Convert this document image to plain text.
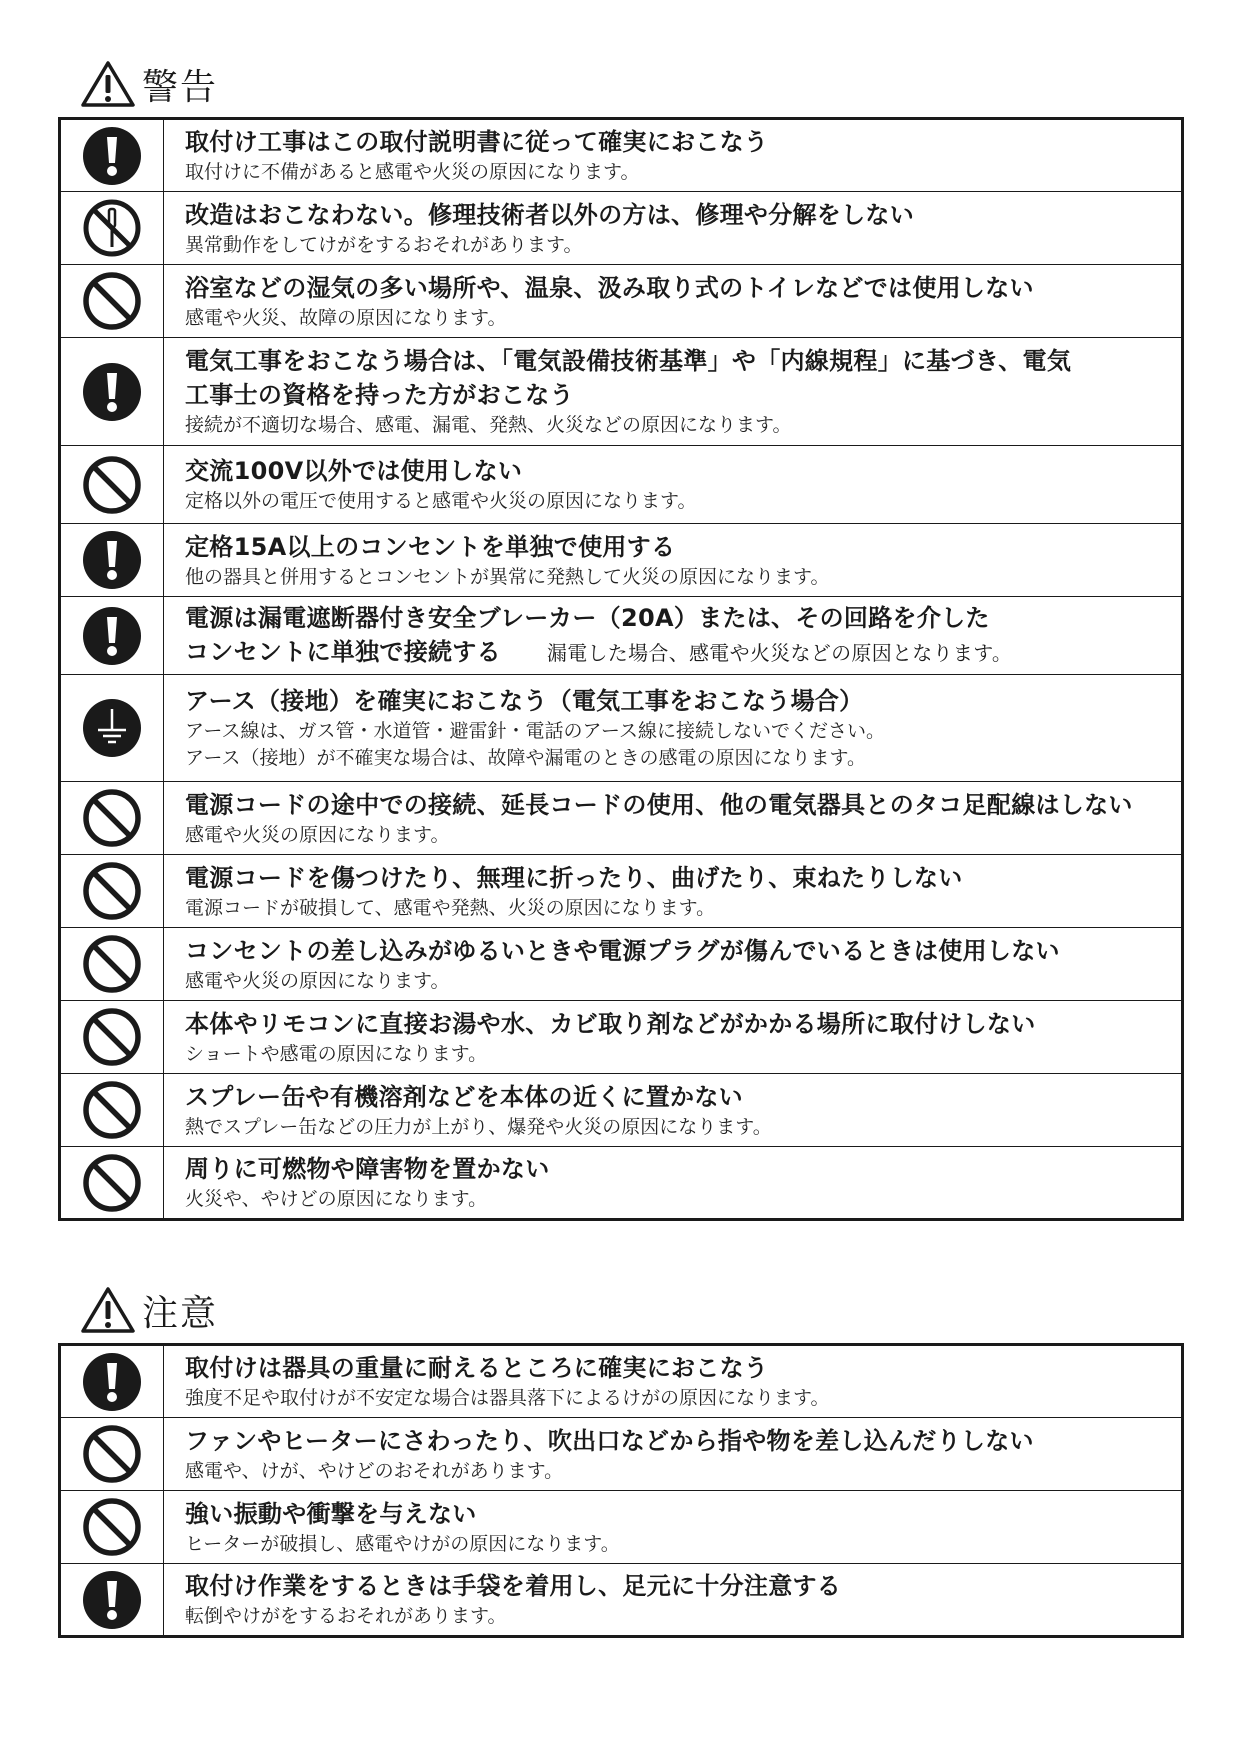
警告

取付け工事はこの取付説明書に従って確実におこなう
取付けに不備があると感電や火災の原因になります。

改造はおこなわない。修理技術者以外の方は、修理や分解をしない
異常動作をしてけがをするおそれがあります。

浴室などの湿気の多い場所や、温泉、汲み取り式のトイレなどでは使用しない
感電や火災、故障の原因になります。

電気工事をおこなう場合は、「電気設備技術基準」や「内線規程」に基づき、電気
工事士の資格を持った方がおこなう
接続が不適切な場合、感電、漏電、発熱、火災などの原因になります。

交流100V以外では使用しない
定格以外の電圧で使用すると感電や火災の原因になります。

定格15A以上のコンセントを単独で使用する
他の器具と併用するとコンセントが異常に発熱して火災の原因になります。

電源は漏電遮断器付き安全ブレーカー（20A）または、その回路を介した
コンセントに単独で接続する 漏電した場合、感電や火災などの原因となります。

アース（接地）を確実におこなう（電気工事をおこなう場合）
アース線は、ガス管・水道管・避雷針・電話のアース線に接続しないでください。
アース（接地）が不確実な場合は、故障や漏電のときの感電の原因になります。

電源コードの途中での接続、延長コードの使用、他の電気器具とのタコ足配線はしない
感電や火災の原因になります。

電源コードを傷つけたり、無理に折ったり、曲げたり、束ねたりしない
電源コードが破損して、感電や発熱、火災の原因になります。

コンセントの差し込みがゆるいときや電源プラグが傷んでいるときは使用しない
感電や火災の原因になります。

本体やリモコンに直接お湯や水、カビ取り剤などがかかる場所に取付けしない
ショートや感電の原因になります。

スプレー缶や有機溶剤などを本体の近くに置かない
熱でスプレー缶などの圧力が上がり、爆発や火災の原因になります。

周りに可燃物や障害物を置かない
火災や、やけどの原因になります。
注意

取付けは器具の重量に耐えるところに確実におこなう
強度不足や取付けが不安定な場合は器具落下によるけがの原因になります。

ファンやヒーターにさわったり、吹出口などから指や物を差し込んだりしない
感電や、けが、やけどのおそれがあります。

強い振動や衝撃を与えない
ヒーターが破損し、感電やけがの原因になります。

取付け作業をするときは手袋を着用し、足元に十分注意する
転倒やけがをするおそれがあります。
